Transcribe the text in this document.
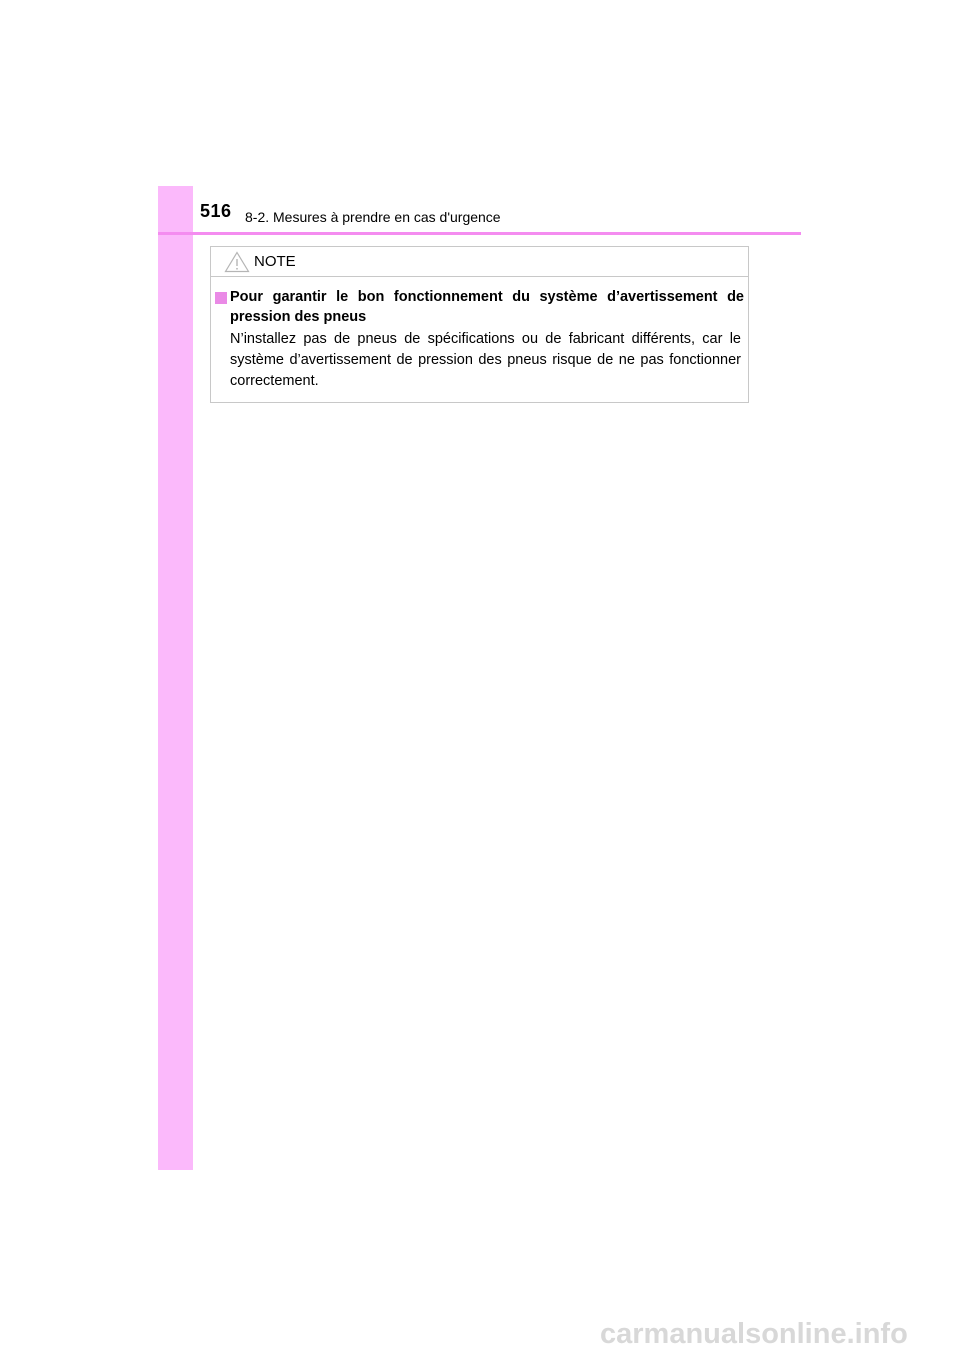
516 8-2. Mesures à prendre en cas d'urgence
NOTE
Pour garantir le bon fonctionnement du système d’avertissement de pression des pneus
N’installez pas de pneus de spécifications ou de fabricant différents, car le système d’avertissement de pression des pneus risque de ne pas fonctionner correctement.
carmanualsonline.info
